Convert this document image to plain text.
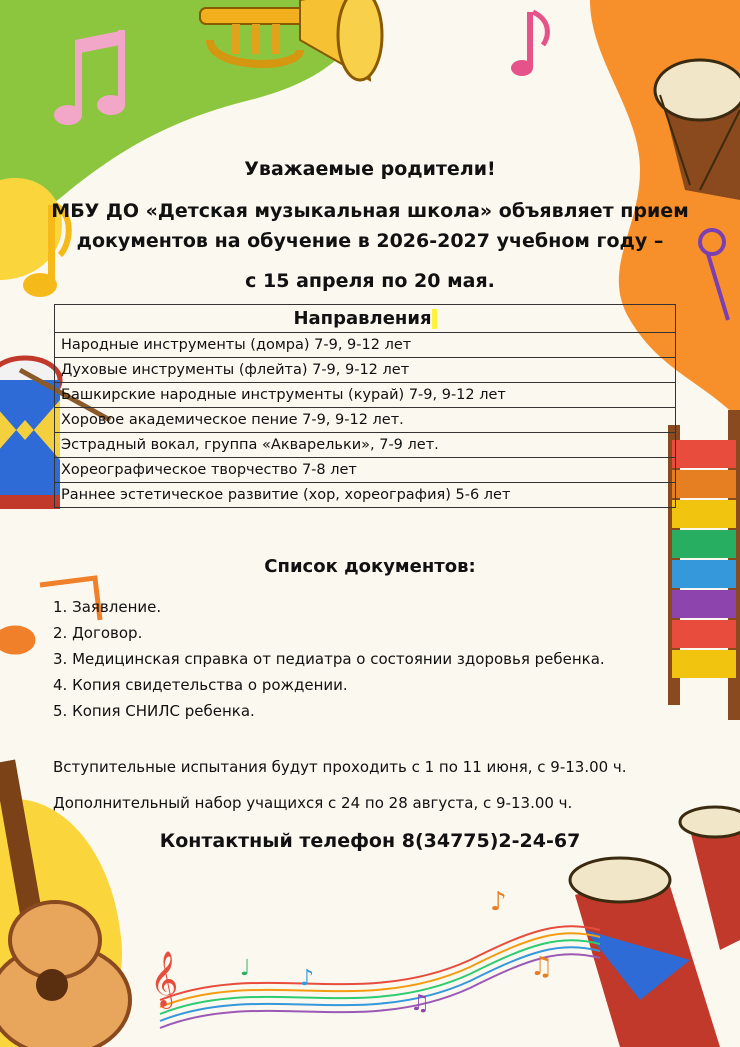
𝄞
♪
♫
♪
♫
♩

Уважаемые родители!

МБУ ДО «Детская музыкальная школа» объявляет прием

документов на обучение в 2026-2027 учебном году –

с 15 апреля по 20 мая.

Направления
Народные инструменты (домра) 7-9, 9-12 лет
Духовые инструменты (флейта) 7-9, 9-12 лет
Башкирские народные инструменты (курай) 7-9, 9-12 лет
Хоровое академическое пение 7-9, 9-12 лет.
Эстрадный вокал, группа «Акварельки», 7-9 лет.
Хореографическое творчество 7-8 лет
Раннее эстетическое развитие (хор, хореография) 5-6 лет

Список документов:

1. Заявление.
2. Договор.
3. Медицинская справка от педиатра о состоянии здоровья ребенка.
4. Копия свидетельства о рождении.
5. Копия СНИЛС ребенка.

Вступительные испытания будут проходить с 1 по 11 июня, с 9-13.00 ч.

Дополнительный набор учащихся с 24 по 28 августа, с 9-13.00 ч.

Контактный телефон 8(34775)2-24-67
